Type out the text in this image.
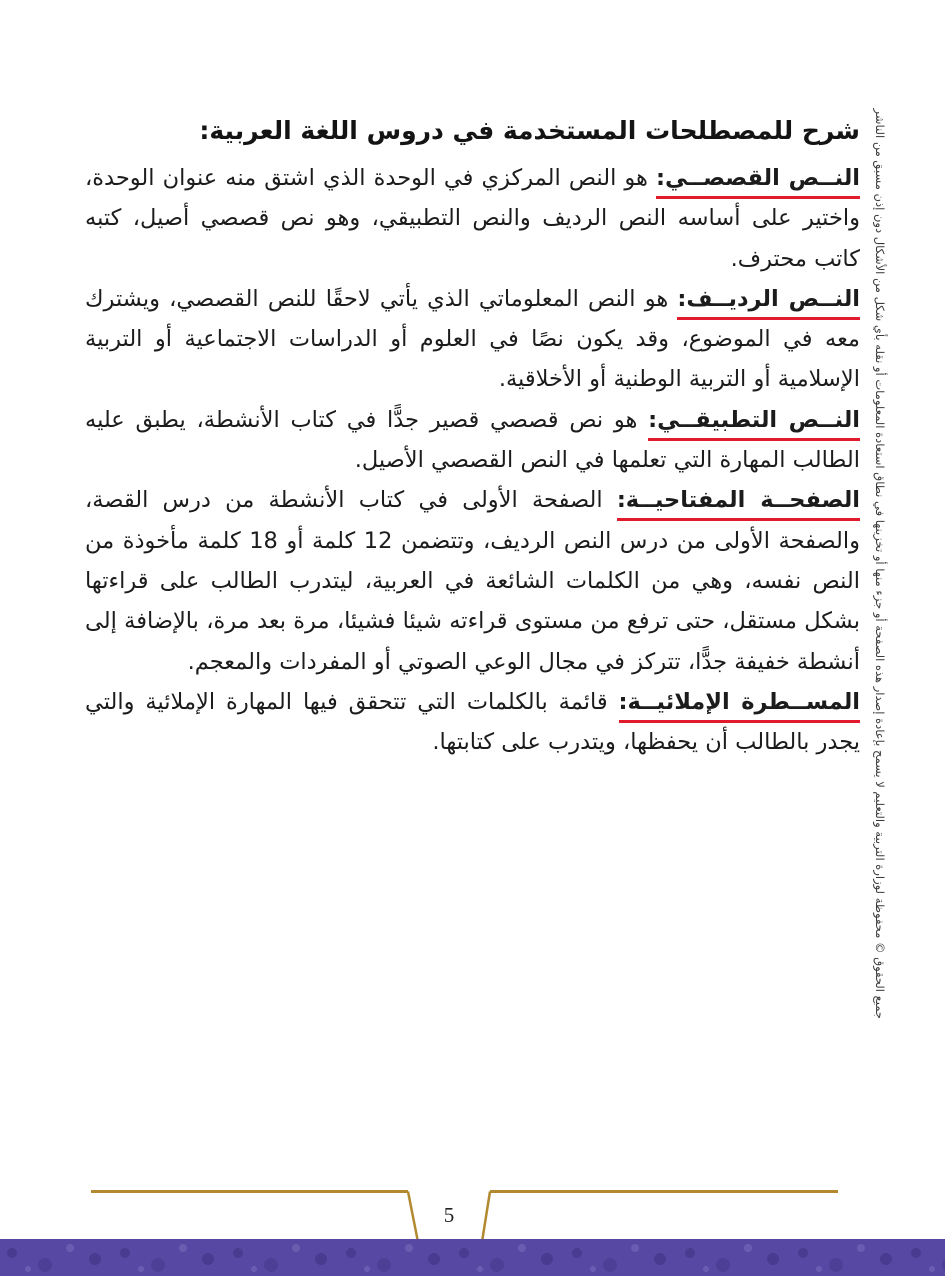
شرح للمصطلحات المستخدمة في دروس اللغة العربية:

النــص القصصــي: هو النص المركزي في الوحدة الذي اشتق منه عنوان الوحدة، واختير على أساسه النص الرديف والنص التطبيقي، وهو نص قصصي أصيل، كتبه كاتب محترف.

النــص الرديــف: هو النص المعلوماتي الذي يأتي لاحقًا للنص القصصي، ويشترك معه في الموضوع، وقد يكون نصًا في العلوم أو الدراسات الاجتماعية أو التربية الإسلامية أو التربية الوطنية أو الأخلاقية.

النــص التطبيقــي: هو نص قصصي قصير جدًّا في كتاب الأنشطة، يطبق عليه الطالب المهارة التي تعلمها في النص القصصي الأصيل.

الصفحــة المفتاحيــة: الصفحة الأولى في كتاب الأنشطة من درس القصة، والصفحة الأولى من درس النص الرديف، وتتضمن 12 كلمة أو 18 كلمة مأخوذة من النص نفسه، وهي من الكلمات الشائعة في العربية، ليتدرب الطالب على قراءتها بشكل مستقل، حتى ترفع من مستوى قراءته شيئا فشيئا، مرة بعد مرة، بالإضافة إلى أنشطة خفيفة جدًّا، تتركز في مجال الوعي الصوتي أو المفردات والمعجم.

المســطرة الإملائيــة: قائمة بالكلمات التي تتحقق فيها المهارة الإملائية والتي يجدر بالطالب أن يحفظها، ويتدرب على كتابتها.	جميع الحقوق © محفوظة لوزارة التربية والتعليم لا يسمح بإعادة إصدار هذه الصفحة أو جزء منها أو تخزينها في نطاق استعادة المعلومات أو نقله بأي شكل من الأشكال دون إذن مسبق من الناشر
5
